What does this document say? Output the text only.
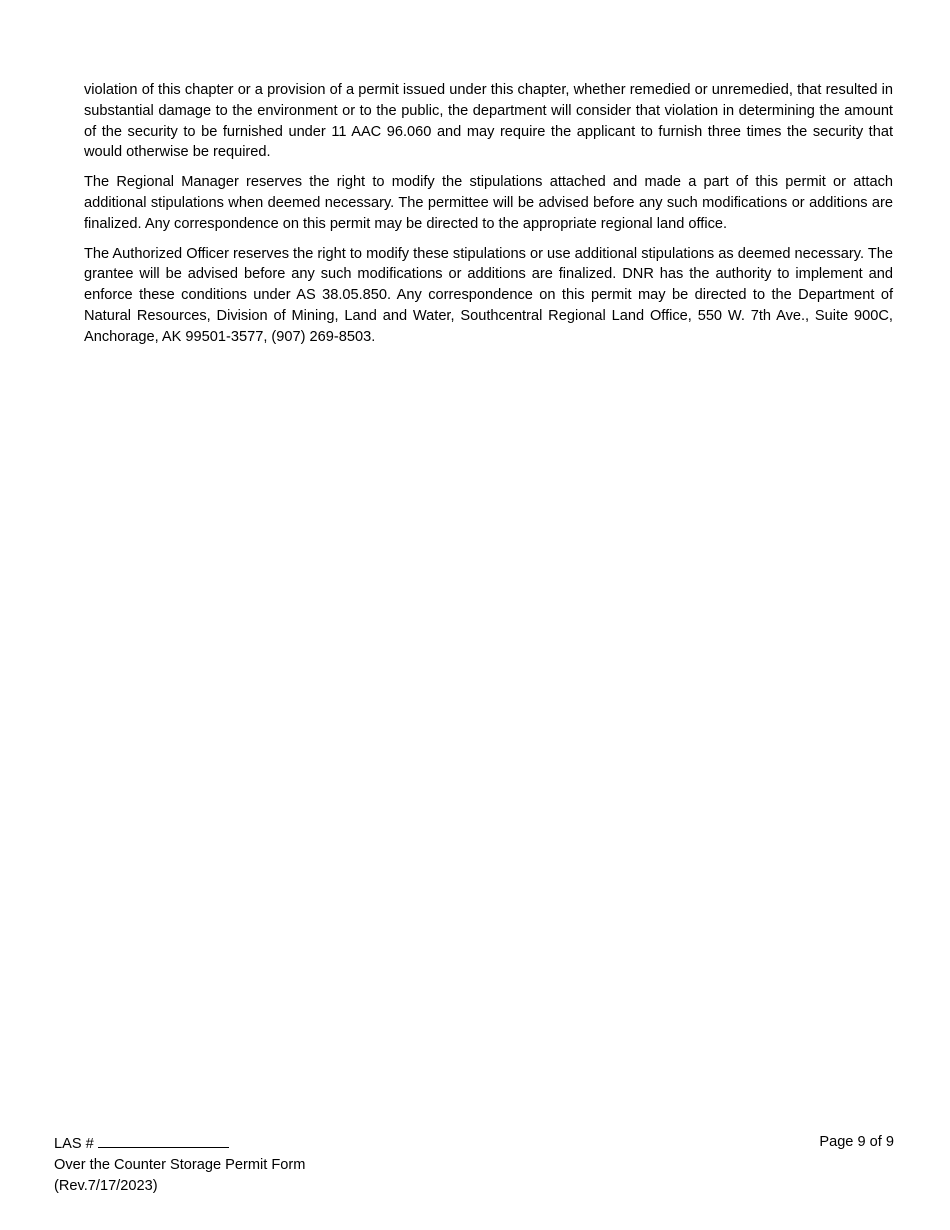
violation of this chapter or a provision of a permit issued under this chapter, whether remedied or unremedied, that resulted in substantial damage to the environment or to the public, the department will consider that violation in determining the amount of the security to be furnished under 11 AAC 96.060 and may require the applicant to furnish three times the security that would otherwise be required.

The Regional Manager reserves the right to modify the stipulations attached and made a part of this permit or attach additional stipulations when deemed necessary. The permittee will be advised before any such modifications or additions are finalized. Any correspondence on this permit may be directed to the appropriate regional land office.

The Authorized Officer reserves the right to modify these stipulations or use additional stipulations as deemed necessary. The grantee will be advised before any such modifications or additions are finalized. DNR has the authority to implement and enforce these conditions under AS 38.05.850. Any correspondence on this permit may be directed to the Department of Natural Resources, Division of Mining, Land and Water, Southcentral Regional Land Office, 550 W. 7th Ave., Suite 900C, Anchorage, AK 99501-3577, (907) 269-8503.

LAS #
Over the Counter Storage Permit Form
(Rev.7/17/2023)
Page 9 of 9
